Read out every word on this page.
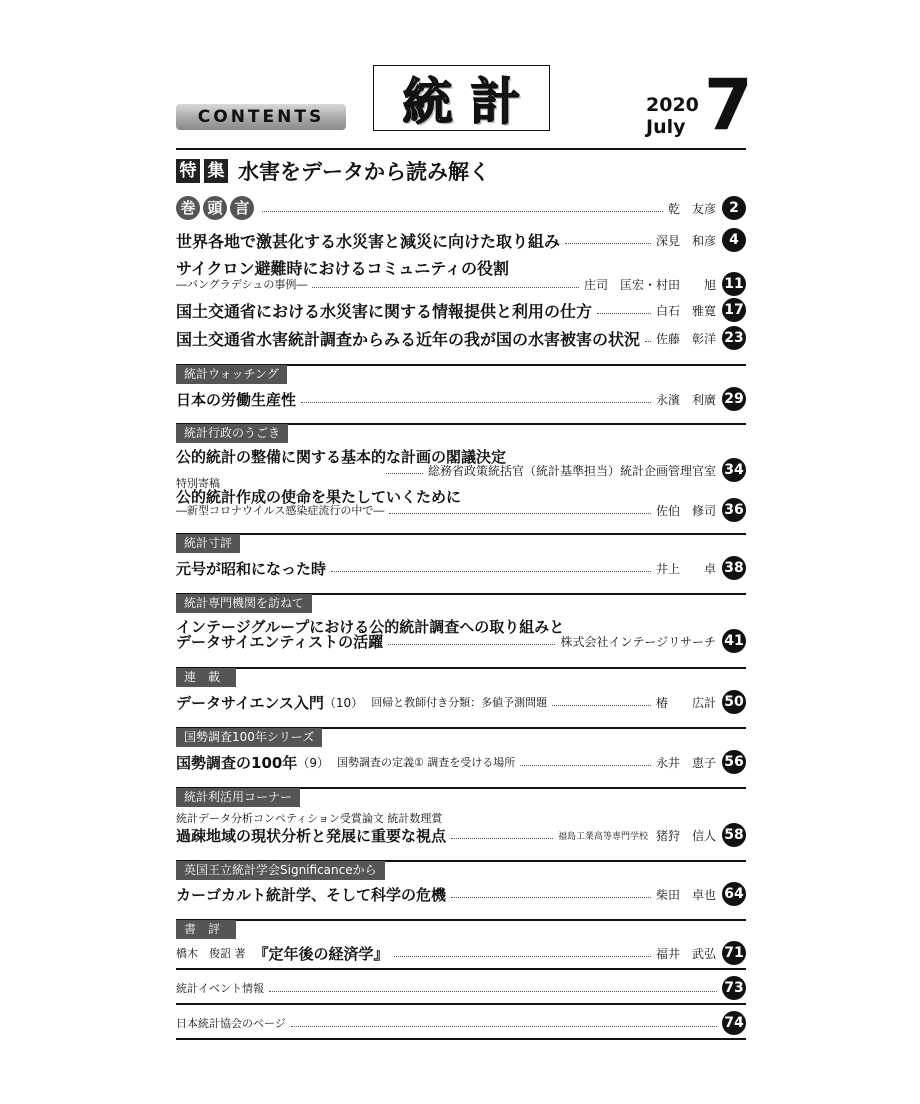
CONTENTS	統計	2020
July 7
特 集 水害をデータから読み解く
巻 頭 言	乾　友彦 2
世界各地で激甚化する水災害と減災に向けた取り組み	深見　和彦 4
サイクロン避難時におけるコミュニティの役割
―バングラデシュの事例―	庄司　匡宏・村田　　旭 11
国土交通省における水災害に関する情報提供と利用の仕方	白石　雅寛 17
国土交通省水害統計調査からみる近年の我が国の水害被害の状況 佐藤　彰洋 23
統計ウォッチング
日本の労働生産性	永濱　利廣 29
統計行政のうごき
公的統計の整備に関する基本的な計画の閣議決定
総務省政策統括官（統計基準担当）統計企画管理官室 34
特別寄稿
公的統計作成の使命を果たしていくために
―新型コロナウイルス感染症流行の中で―	佐伯　修司 36
統計寸評
元号が昭和になった時	井上　　卓 38
統計専門機関を訪ねて
インテージグループにおける公的統計調査への取り組みと
データサイエンティストの活躍	株式会社インテージリサーチ 41
連　載
データサイエンス入門 （10） 回帰と教師付き分類：多値予測問題	椿　　広計 50
国勢調査100年シリーズ
国勢調査の100年 （9） 国勢調査の定義① 調査を受ける場所	永井　恵子 56
統計利活用コーナー
統計データ分析コンペティション受賞論文 統計数理賞
過疎地域の現状分析と発展に重要な視点	福島工業高等専門学校 猪狩　信人 58
英国王立統計学会Significanceから
カーゴカルト統計学、そして科学の危機	柴田　卓也 64
書　評
橋木　俊詔 著 『定年後の経済学』	福井　武弘 71
統計イベント情報	73
日本統計協会のページ	74
